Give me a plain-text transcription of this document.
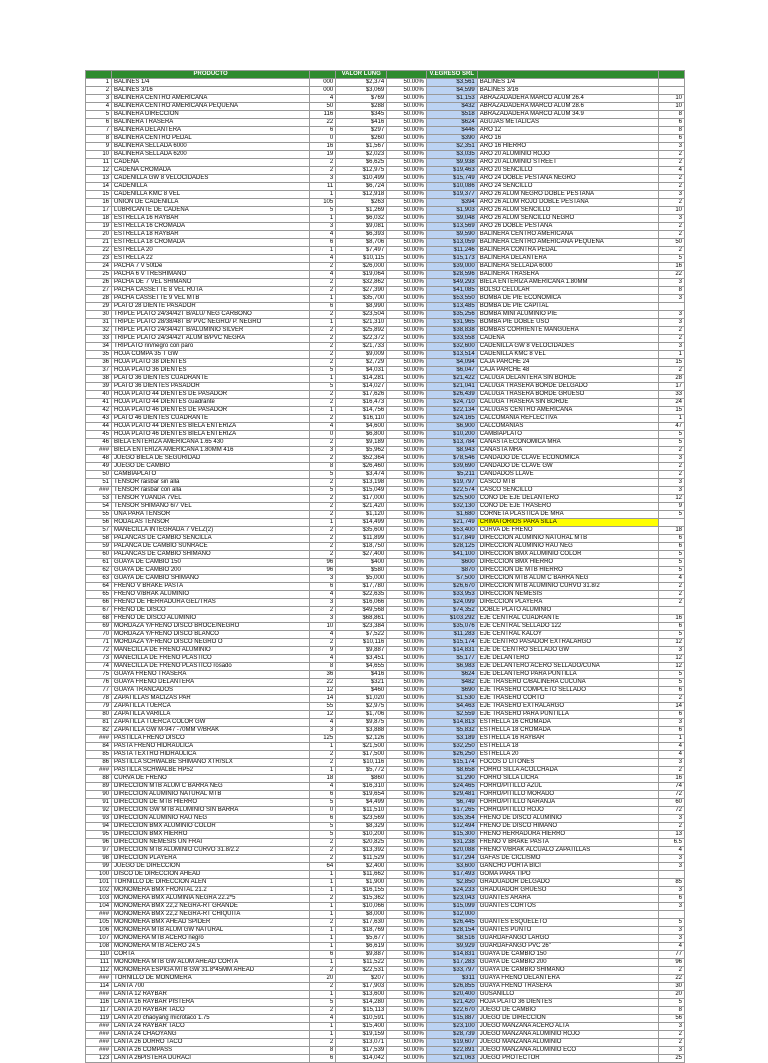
	PRODUCTO		VALOR LUNG		V.EGRESO SRL		
1	BALINES 1/4	000	$2,374	50.00%	$3,561	BALINES 1/4	
2	BALINES 3/16	000	$3,069	50.00%	$4,599	BALINES 3/16	
3	BALINERA CENTRO AMERICANA	4	$769	50.00%	$1,153	ABRAZADADERA MARCO ALUM 26.4	10
4	BALINERA CENTRO AMERICANA PEQUEÑA	50	$288	50.00%	$432	ABRAZADADERA MARCO ALUM 28.6	10
5	BALINERA DIRECCION	116	$345	50.00%	$518	ABRAZADADERA MARCO ALUM 34.9	8
6	BALINERA TRASERA	22	$416	50.00%	$624	AGUJAS METALICAS	6
7	BALINERA DELANTERA	6	$297	50.00%	$446	ARO 12	8
8	BALINERA CENTRO PEDAL	0	$260	50.00%	$390	ARO 16	6
9	BALINERA SELLADA 6000	16	$1,567	50.00%	$2,351	ARO 16 HIERRO	3
10	BALINERA SELLADA 6200	19	$2,023	50.00%	$3,035	ARO 20 ALUMINIO ROJO	2
11	CADENA	2	$6,625	50.00%	$9,938	ARO 20 ALUMINIO STREET	2
12	CADENA CROMADA	2	$12,975	50.00%	$19,463	ARO 20 SENCILLO	4
13	CADENILLA GW 8 VELOCIDADES	3	$10,499	50.00%	$15,749	ARO 24 DOBLE PESTAÑA NEGRO	2
14	CADENILLA	11	$6,724	50.00%	$10,086	ARO 24 SENCILLO	2
15	CADENILLA KMC 8 VEL	1	$12,918	50.00%	$19,377	ARO 26 ALUM NEGRO DOBLE PESTAÑA	3
16	UNION DE CADENILLA	105	$263	50.00%	$394	ARO 26 ALUM ROJO DOBLE PESTAÑA	2
17	LUBRICANTE DE CADENA	5	$1,269	50.00%	$1,903	ARO 26 ALUM SENCILLO	10
18	ESTRELLA 16 RAYBAR	1	$6,032	50.00%	$9,048	ARO 26 ALUM SENCILLO NEGRO	3
19	ESTRELLA 16 CROMADA	3	$9,081	50.00%	$13,569	ARO 26 DOBLE PESTAÑA	2
20	ESTRELLA 18 RAYBAR	4	$6,393	50.00%	$9,590	BALINERA CENTRO AMERICANA	2
21	ESTRELLA 18 CROMADA	6	$8,706	50.00%	$13,059	BALINERA CENTRO AMERICANA PEQUEÑA	50
22	ESTRELLA 20	1	$7,497	50.00%	$11,246	BALINERA CONTRA PEDAL	2
23	ESTRELLA 22	4	$10,115	50.00%	$15,173	BALINERA DELANTERA	5
24	PACHA 7 V 50tDe	2	$26,000	50.00%	$39,000	BALINERA SELLADA 6000	16
25	PACHA 6 V TRESHIMANO	4	$19,064	50.00%	$28,596	BALINERA TRASERA	22
26	PACHA DE 7 VEL SHIMANO	2	$32,862	50.00%	$49,293	BIELA ENTERIZA AMERICANA 1.80MM	3
27	PACHA CASSETTE 8 VEL RUTA	2	$27,390	50.00%	$41,085	BOLSO CELULAR	8
28	PACHA CASSETTE 9 VEL MTB	1	$35,700	50.00%	$53,550	BOMBA DE PIE ECONOMICA	3
29	PLATO 28 DIENTE PASADOR	6	$8,990	50.00%	$13,485	BOMBA DE PIE CAPITAL	
30	TRIPLE PLATO 24/34/42T B/ALU/ NEG CARBONO	2	$23,504	50.00%	$35,256	BOMBA MINI ALUMINIO PIE	3
31	TRIPLE PLATO 28/38/48T B/ PVC NEGRO/ P. NEGRO	1	$21,310	50.00%	$31,965	BOMBA PIE DOBLE USO	3
32	TRIPLE PLATO 24/34/42T B/ALUMINIO SILVER	2	$25,892	50.00%	$38,838	BOMBAS CORRIENTE MANGUERA	2
33	TRIPLE PLATO 24/34/42T ALUM B/PVC NEGRA	2	$22,372	50.00%	$33,558	CADENA	2
34	TRIPLATO rin/negro con paro	2	$21,733	50.00%	$32,600	CADENILLA GW 8 VELOCIDADES	3
35	HOJA COMPA 35 T GW	2	$9,009	50.00%	$13,514	CADENILLA KMC 8 VEL	1
36	HOJA PLATO 38 DIENTES	2	$2,729	50.00%	$4,094	CAJA PARCHE 24	15
37	HOJA PLATO 36 DIENTES	5	$4,031	50.00%	$6,047	CAJA PARCHE 48	2
38	PLATO 36 DIENTES CUADRANTE	1	$14,281	50.00%	$21,422	CALUGA DELANTERA SIN BORDE	28
39	PLATO 36 DIENTES PASADOR	5	$14,027	50.00%	$21,041	CALUGA TRASERA BORDE DELGADO	17
40	HOJA PLATO 44 DIENTES DE PASADOR	2	$17,626	50.00%	$26,439	CALUGA TRASERA BORDE GRUESO	33
41	HOJA PLATO 44 DIENTES cuadrante	2	$16,473	50.00%	$24,710	CALUGA TRASERA SIN BORDE	24
42	HOJA PLATO 46 DIENTES DE PASADOR	1	$14,756	50.00%	$22,134	CALUGAS CENTRO AMERICANA	15
43	PLATO 46 DIENTES CUADRANTE	2	$16,110	50.00%	$24,165	CALCOMANIA REFLECTIVA	1
44	HOJA PLATO 44 DIENTES BIELA ENTERIZA	4	$4,600	50.00%	$6,900	CALCOMANIAS	47
45	HOJA PLATO 46 DIENTES BIELA ENTERIZA	0	$6,800	50.00%	$10,200	CAMBIAPLATO	5
46	BIELA ENTERIZA AMERICANA 1.65 430	2	$9,189	50.00%	$13,784	CANASTA ECONOMICA MRA	5
###	BIELA ENTERIZA AMERICANA 1.80MM 416	3	$5,962	50.00%	$8,943	CANASTA MRA	2
48	JUEGO BIELA DE SEGURIDAD	2	$52,364	50.00%	$78,546	CANDADO DE CLAVE ECONOMICA	3
49	JUEGO DE CAMBIO	8	$26,460	50.00%	$39,690	CANDADO DE CLAVE GW	2
50	CAMBIAPLATO	5	$3,474	50.00%	$5,211	CANDADOS LLAVE	2
51	TENSOR raisbar sin alla	2	$13,198	50.00%	$19,797	CASCO MTB	3
###	TENSOR raisbar con alla	5	$15,049	50.00%	$22,574	CASCO SENCILLO	3
53	TENSOR YUANDA 7VEL	2	$17,000	50.00%	$25,500	CONO DE EJE DELANTERO	12
54	TENSOR SHIMANO 6/7 VEL	2	$21,420	50.00%	$32,130	CONO DE EJE TRASERO	9
55	UNA PARA TENSOR	2	$1,120	50.00%	$1,680	CORNETA PLASTICA DE MRA	5
56	RODALAS TENSOR	1	$14,499	50.00%	$21,749	CRIMATORIOS PARA SILLA	
57	MANECILLA INTEGRADA 7 VELZ(2)	2	$35,600	50.00%	$53,400	CURVA DE FRENO	18
58	PALANCAS DE CAMBIO SENCILLA	2	$11,899	50.00%	$17,849	DIRECCION ALUMINIO NATURAL MTB	6
59	PALANCA DE CAMBIO SUNRACE	2	$18,750	50.00%	$28,125	DIRECCION ALUMINIO RAU NEG	6
60	PALANCAS DE CAMBIO SHIMANO	2	$27,400	50.00%	$41,100	DIRECCION BMX ALUMINIO COLOR	5
61	GUAYA DE CAMBIO 150	96	$400	50.00%	$600	DIRECCION BMX HIERRO	5
62	GUAYA DE CAMBIO 200	96	$580	50.00%	$870	DIRECCION DE MTB HIERRO	5
63	GUAYA DE CAMBIO SHIMANO	3	$5,000	50.00%	$7,500	DIRECCION MTB ALUM C BARRA NEG	4
64	FRENO V BRAKE PASTA	6	$17,780	50.00%	$26,670	DIRECCION MTB ALUMINIO CURVO 31.8/2	2
65	FRENO V/BRAK ALUMINIO	4	$22,635	50.00%	$33,953	DIRECCION NEMESIS	2
66	FRENO DE HERRADURA GEL/TRAS	3	$16,066	50.00%	$24,099	DIRECCION PLAYERA	2
67	FRENO DE DISCO	2	$49,568	50.00%	$74,352	DOBLE PLATO ALUMINIO	
68	FRENO DE DISCO ALUMINIO	3	$68,861	50.00%	$103,292	EJE CENTRAL CUADRANTE	16
69	MORDAZA Y/FRENO DISCO BROCE/NEGRO	10	$23,384	50.00%	$35,076	EJE CENTRAL SELLADO 122	6
70	MORDAZA Y/FRENO DISCO BLANCO	4	$7,522	50.00%	$11,283	EJE CENTRAL KALOY	5
71	MORDAZA Y/FRENO DISCO NEGRO O	2	$10,116	50.00%	$15,174	EJE CENTRO PASADOR EXTRALARGO	12
72	MANECILLA DE FRENO ALUMINIO	9	$9,887	50.00%	$14,831	EJE DE CENTRO SELLADO GW	3
73	MANECILLA DE FRENO PLASTICO	4	$3,451	50.00%	$5,177	EJE DELANTERO	12
74	MANECILLA DE FRENO PLASTICO rosado	8	$4,655	50.00%	$6,983	EJE DELANTERO ACERO SELLADO/CUNA	12
75	GUAYA FRENO TRASERA	36	$416	50.00%	$624	EJE DELANTERO PARA PUNTILLA	5
76	GUAYA FRENO DELANTERA	22	$321	50.00%	$482	EJE TRASERO C/BALINERA CUCUNA	5
77	GUAYA TRANCADOS	12	$460	50.00%	$690	EJE TRASERO COMPLETO SELLADO	6
78	ZAPATILLAS MACIZAS PAR	14	$1,020	50.00%	$1,530	EJE TRASERO CORTO	2
79	ZAPATILLA TUERCA	55	$2,975	50.00%	$4,463	EJE TRASERO EXTRALARGO	14
80	ZAPATILLA VARILLA	12	$1,706	50.00%	$2,559	EJE TRASERO PARA PUNTILLA	6
81	ZAPATILLA TUERCA COLOR GW	4	$9,875	50.00%	$14,813	ESTRELLA 16 CROMADA	3
82	ZAPATILLA GW M-947 -70MM V/BRAK	3	$3,888	50.00%	$5,832	ESTRELLA 18 CROMADA	6
###	PASTILLA FRENO DISCO	125	$2,126	50.00%	$3,189	ESTRELLA 16 RAYBAR	1
84	PASTA FRENO HIDRAULICA	1	$21,500	50.00%	$32,250	ESTRELLA 18	4
85	PASTA TEXTRO HIDRAULICA	2	$17,500	50.00%	$26,250	ESTRELLA 20	4
86	PASTILLA SCHWALBE SHIMANO XTR/SLX	2	$10,116	50.00%	$15,174	FOCOS D LITONES	3
###	PASTILLA SCHWALBE HP52	1	$5,772	50.00%	$8,658	FORRO SILLA ACOLCHADA	2
88	CURVA DE FRENO	18	$860	50.00%	$1,290	FORRO SILLA LICRA	16
89	DIRECCION MTB ALUM C BARRA NEG	4	$16,310	50.00%	$24,465	FORRO/PITILLO AZUL	74
90	DIRECCION ALUMINIO NATURAL MTB	6	$19,654	50.00%	$29,481	FORRO/PITILLO MORADO	72
91	DIRECCION DE MTB HIERRO	5	$4,499	50.00%	$6,749	FORRO/PITILLO NARANJA	60
92	DIRECCION GW MTB ALUMINIO SIN BARRA	0	$11,510	50.00%	$17,265	FORRO/PITILLO ROJO	72
93	DIRECCION ALUMINIO RAU NEG	6	$23,569	50.00%	$35,354	FRENO DE DISCO ALUMINIO	3
94	DIRECCION BMX ALUMINIO COLOR	5	$8,329	50.00%	$12,494	FRENO DE DISCO HIMANO	2
95	DIRECCION BMX HIERRO	5	$10,200	50.00%	$15,300	FRENO HERRADURA HIERRO	13
96	DIRECCION NEMESIS UN FRAI	2	$20,825	50.00%	$31,238	FRENO V BRAKE PASTA	6.5
97	DIRECCION MTB ALUMINIO CURVO 31.8/2.2	2	$13,392	50.00%	$20,088	FRENO V/BRAK ALCUALO ZAPATILLAS	4
98	DIRECCION PLAYERA	2	$11,529	50.00%	$17,294	GAFAS DE CICLISMO	3
99	JUEGO DE DIRECCION	64	$2,400	50.00%	$3,600	GANCHO PORTA BICI	3
100	DISCO DE DIRECCION AHEAD	1	$11,662	50.00%	$17,493	GOMA PARA TIPO	
101	TORNILLO DE DIRECCION ALEN	1	$1,900	50.00%	$2,850	GRADUADOR DELGADO	85
102	MONOMERA BMX FRONTAL 21.2	1	$16,155	50.00%	$24,233	GRADUADOR GRUESO	3
103	MONOMERA BMX ALUMINIA NEGRA 22.2*5	2	$15,362	50.00%	$23,043	GUANTES ARARA	6
104	MONOMERA BMX 22,2 NEGRA-RT GRANDE	1	$10,066	50.00%	$15,099	GUANTES CORTOS	3
###	MONOMERA BMX 22,2 NEGRA-RT CHIQUITA	1	$8,000	50.00%	$12,000		
105	MONOMERA BMX AHEAD SPIDER	2	$17,630	50.00%	$26,445	GUANTES ESQUELETO	5
106	MONOMERA MTB ALUM GW NATURAL	1	$18,769	50.00%	$28,154	GUANTES PUNTO	3
107	MONOMERA MTB ACERO negro	1	$5,677	50.00%	$8,516	GUARDAFANGO LARGO	3
108	MONOMERA MTB ACERO 24.5	1	$6,619	50.00%	$9,929	GUARDAFANGO PVC 26"	4
110	CORTA	6	$9,887	50.00%	$14,831	GUAYA DE CAMBIO 150	77
111	MONOMERA MTB GW ALUM AHEAD CORTA	1	$11,522	50.00%	$17,283	GUAYA DE CAMBIO 200	96
112	MONOMERA ESPIGA MTB GW 31.8*45MM AHEAD	2	$22,531	50.00%	$33,797	GUAYA DE CAMBIO SHIMANO	2
###	TORNILLO DE MONOMERA	20	$207	50.00%	$311	GUAYA FRENO DELANTERA	22
114	LANTA 700	2	$17,903	50.00%	$26,855	GUAYA FRENO TRASERA	30
###	LANTA 12 RAYBAR	1	$13,600	50.00%	$20,400	GUSANILLO	20
116	LANTA 16 RAYBAR PISTERA	5	$14,280	50.00%	$21,420	HOJA PLATO 36 DIENTES	5
117	LANTA 20 RAYBAR TACO	2	$15,113	50.00%	$22,670	JUEGO DE CAMBIO	8
119	LANTA 20 chaoyang microtaco 1.75	4	$10,591	50.00%	$15,887	JUEGO DE DIRECCION	56
###	LANTA 24 RAYBAR TACO	1	$15,400	50.00%	$23,100	JUEGO MANZANA ACERO ALTA	3
###	LANTA 24 CHAOYANG	1	$19,159	50.00%	$28,739	JUEGO MANZANA ALUMINIO ROJO	2
###	LANTA 26 DURRO TACO	2	$13,071	50.00%	$19,607	JUEGO MANZANA ALUMINIO	2
###	LANTA 26 COMPASS	8	$17,539	50.00%	$22,891	JUEGO MANZANA ALUMINIO ECO	3
123	LANTA 26PISTERA DURACI	6	$14,042	50.00%	$21,063	JUEGO PROTECTOR	25
